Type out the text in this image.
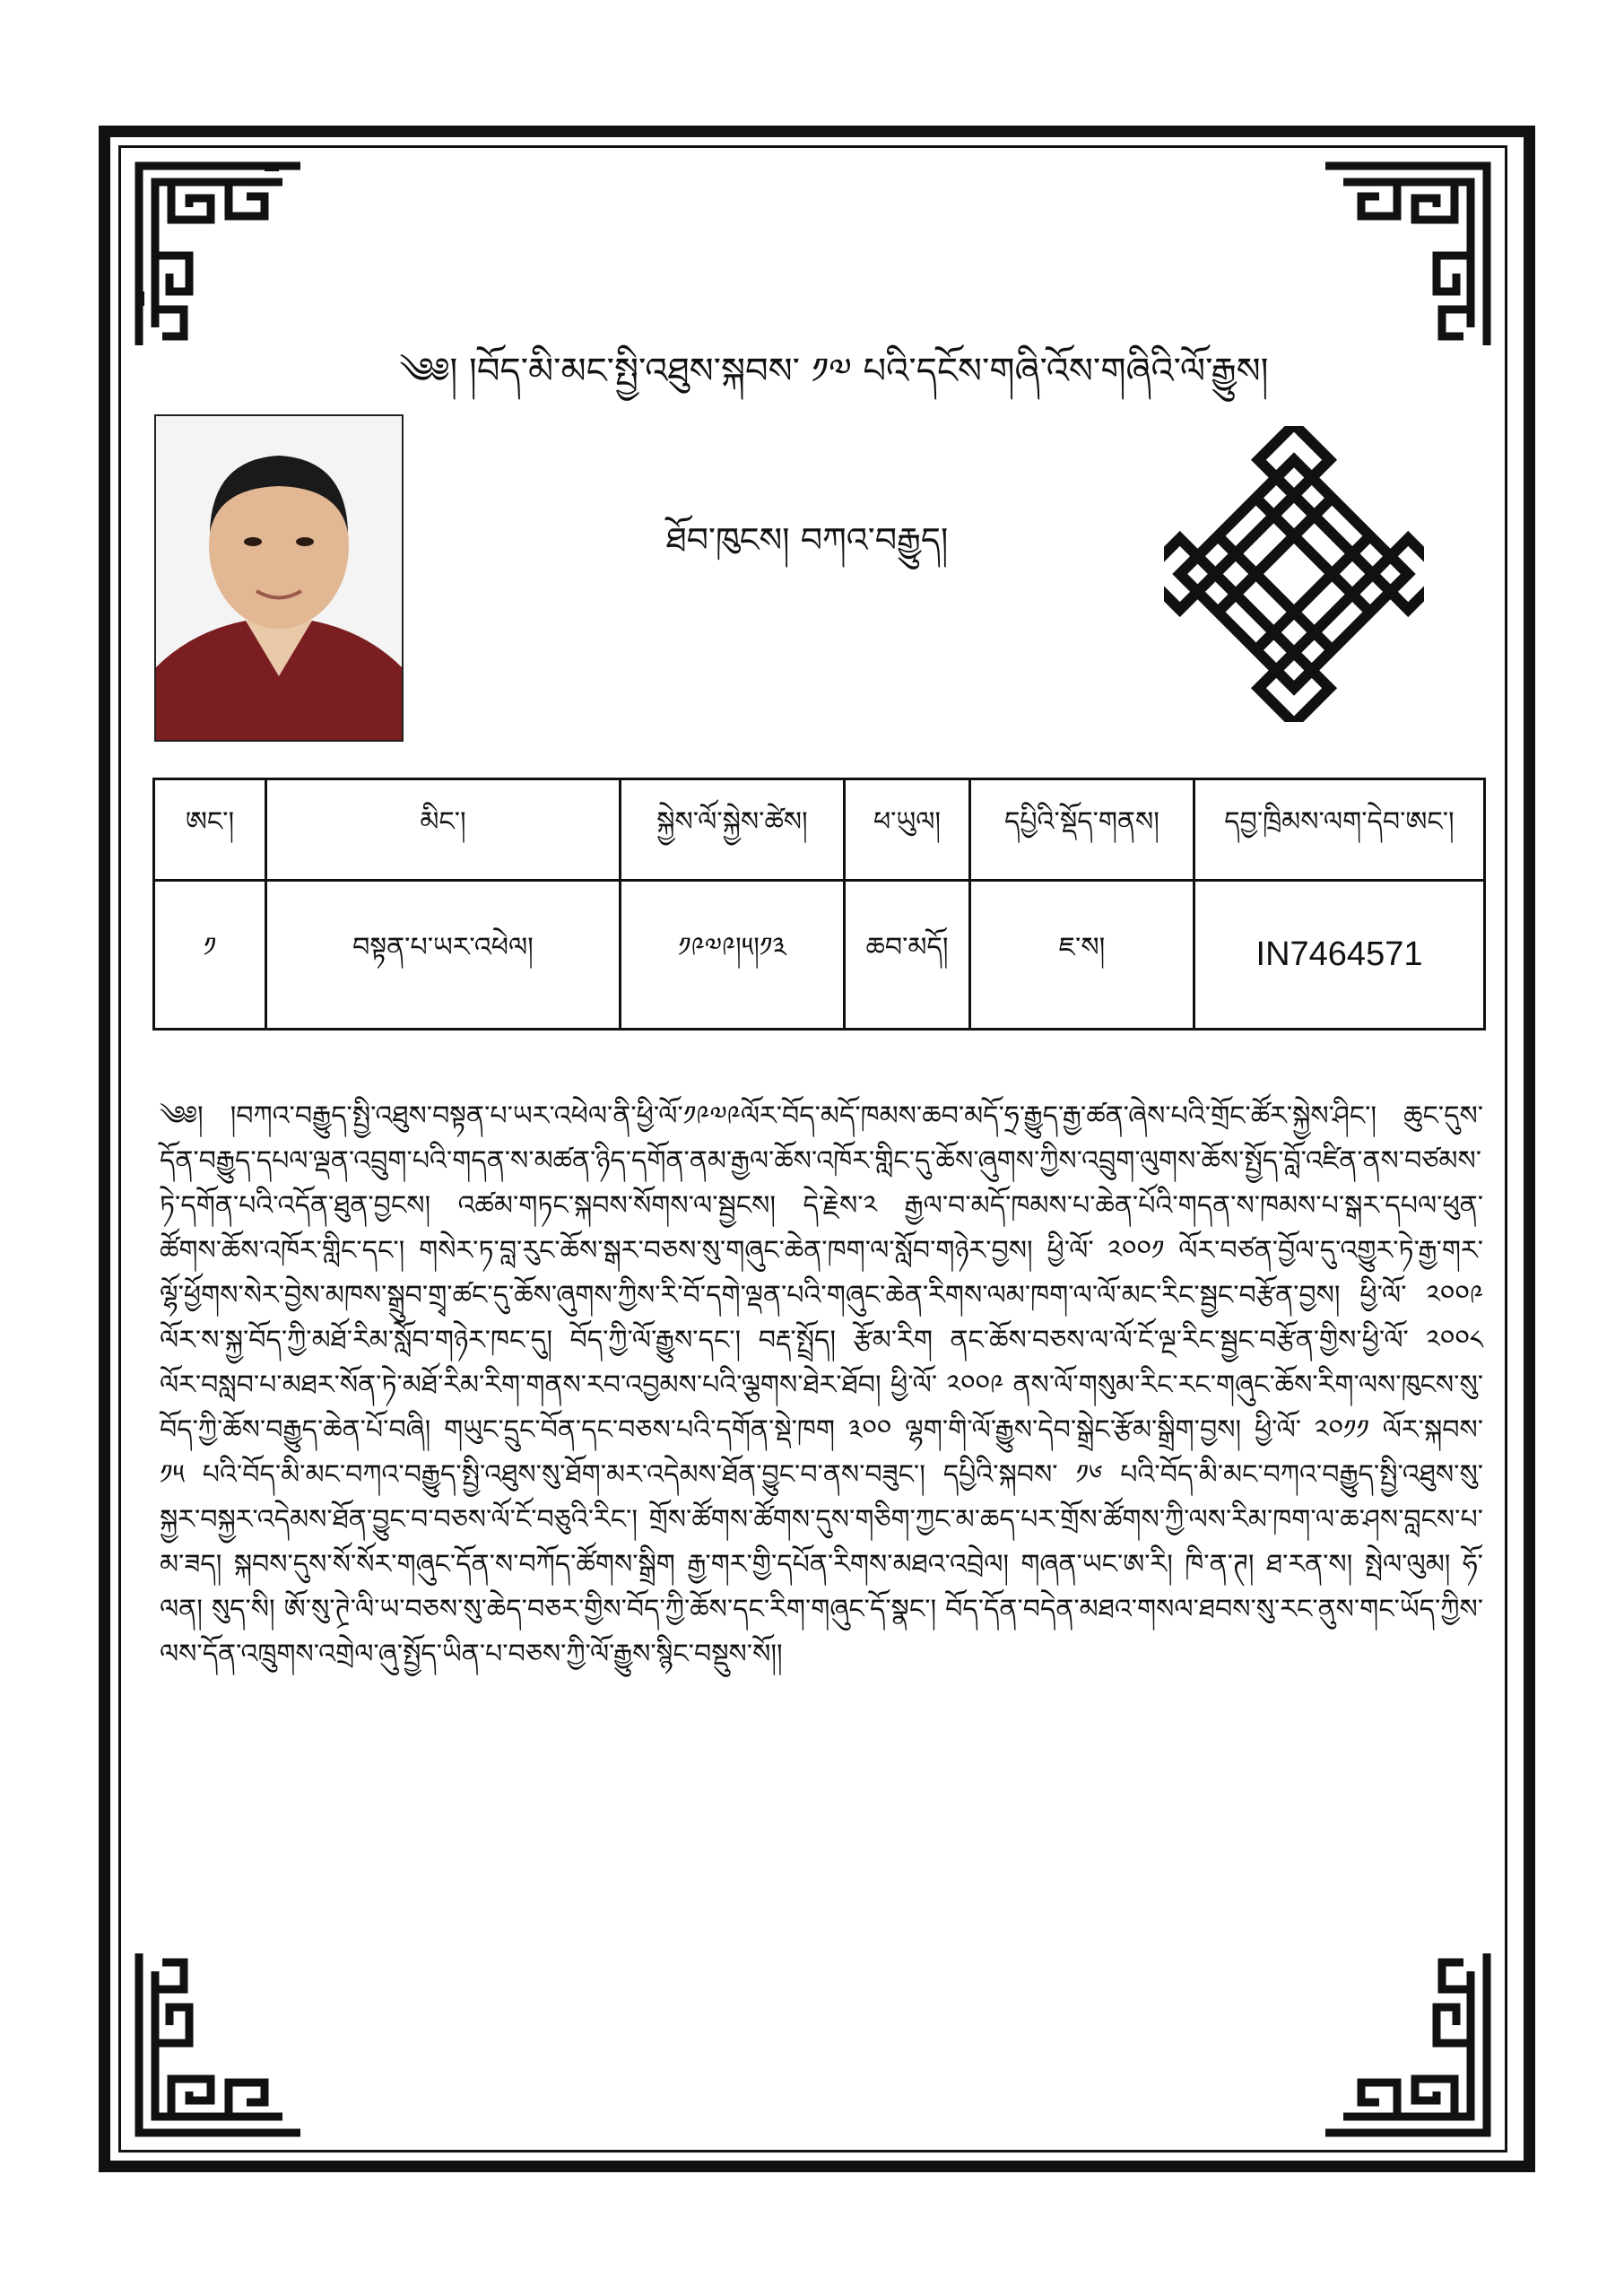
༄༅། །བོད་མི་མང་སྤྱི་འཐུས་སྐབས་ ༡༧ པའི་དངོས་གཞི་འོས་གཞིའི་ལོ་རྒྱུས།
ཐོབ་ཁུངས། བཀའ་བརྒྱུད།
ཨང་།	མིང་།	སྐྱེས་ལོ་སྐྱེས་ཚེས།	ཕ་ཡུལ།	དཔྱིའི་སྡོད་གནས།	དབྱ་ཁྲིམས་ལག་དེབ་ཨང་།
༡	བསྟན་པ་ཡར་འཕེལ།	༡༩༧༩།༥།༡༣	ཆབ་མདོ།	ཇ་ས།	IN7464571
༄༅། །བཀའ་བརྒྱུད་སྤྱི་འཐུས་བསྟན་པ་ཡར་འཕེལ་ནི་ཕྱི་ལོ་༡༩༧༩ལོར་བོད་མདོ་ཁམས་ཆབ་མདོ་ཧྲ་རྒྱུད་རྒྱ་ཚན་ཞེས་པའི་གྲོང་ཚོར་སྐྱེས་ཤིང་། ཆུང་དུས་དོན་བརྒྱུད་དཔལ་ལྡན་འབྲུག་པའི་གདན་ས་མཚན་ཉིད་དགོན་ནམ་རྒྱལ་ཆོས་འཁོར་གླིང་དུ་ཆོས་ཞུགས་ཀྱིས་འབྲུག་ལུགས་ཆོས་སྤྱོད་བློ་འཛིན་ནས་བཙམས་ཏེ་དགོན་པའི་འདོན་ཐུན་བྱངས། འཚམ་གཏང་སྐབས་སོགས་ལ་སྦྱངས། དེ་རྗེས་༢ རྒྱལ་བ་མདོ་ཁམས་པ་ཆེན་པོའི་གདན་ས་ཁམས་པ་སྒར་དཔལ་ཕུན་ཚོགས་ཆོས་འཁོར་གླིང་དང་། གསེར་ཏ་བླ་རུང་ཆོས་སྒར་བཅས་སུ་གཞུང་ཆེན་ཁག་ལ་སློབ་གཉེར་བྱས། ཕྱི་ལོ་ ༢༠༠༡ ལོར་བཙན་བྱོལ་དུ་འགྱུར་ཏེ་རྒྱ་གར་ལྷོ་ཕྱོགས་སེར་བྱེས་མཁས་སྒྲུབ་གྲྭ་ཚང་དུ་ཆོས་ཞུགས་ཀྱིས་རི་བོ་དགེ་ལྡན་པའི་གཞུང་ཆེན་རིགས་ལམ་ཁག་ལ་ལོ་མང་རིང་སྦྱང་བརྩོན་བྱས། ཕྱི་ལོ་ ༢༠༠༩ ལོར་ས་སྐྱ་བོད་ཀྱི་མཐོ་རིམ་སློབ་གཉེར་ཁང་དུ། བོད་ཀྱི་ལོ་རྒྱུས་དང་། བརྡ་སྤྲོད། རྩོམ་རིག ནང་ཆོས་བཅས་ལ་ལོ་ངོ་ལྔ་རིང་སྦྱང་བརྩོན་གྱིས་ཕྱི་ལོ་ ༢༠༠༨ ལོར་བསླབ་པ་མཐར་སོན་ཏེ་མཐོ་རིམ་རིག་གནས་རབ་འབྱམས་པའི་ལྕགས་ཐེར་ཐོབ། ཕྱི་ལོ་ ༢༠༠༩ ནས་ལོ་གསུམ་རིང་རང་གཞུང་ཆོས་རིག་ལས་ཁུངས་སུ་བོད་ཀྱི་ཆོས་བརྒྱུད་ཆེན་པོ་བཞི། གཡུང་དྲུང་བོན་དང་བཅས་པའི་དགོན་སྡེ་ཁག ༣༠༠ ལྷག་གི་ལོ་རྒྱུས་དེབ་སྒྲེང་རྩོམ་སྒྲིག་བྱས། ཕྱི་ལོ་ ༢༠༡༡ ལོར་སྐབས་ ༡༥ པའི་བོད་མི་མང་བཀའ་བརྒྱུད་སྤྱི་འཐུས་སུ་ཐོག་མར་འདེམས་ཐོན་བྱུང་བ་ནས་བཟུང་། དཔྱིའི་སྐབས་ ༡༦ པའི་བོད་མི་མང་བཀའ་བརྒྱུད་སྤྱི་འཐུས་སུ་སྐྱར་བསྐྱར་འདེམས་ཐོན་བྱུང་བ་བཅས་ལོ་ངོ་བཅུའི་རིང་། གྲོས་ཚོགས་ཚོགས་དུས་གཅིག་ཀྱང་མ་ཆད་པར་གྲོས་ཚོགས་ཀྱི་ལས་རིམ་ཁག་ལ་ཆ་ཤས་བླངས་པ་མ་ཟད། སྐབས་དུས་སོ་སོར་གཞུང་དོན་ས་བཀོད་ཚོགས་སྒྲིག རྒྱ་གར་གྱི་དཔོན་རིགས་མཐའ་འབྲེལ། གཞན་ཡང་ཨ་རི། ཁི་ན་ཊ། ཐ་རན་ས། སྤེལ་ལུམ། ཧོ་ལན། སུད་སི། ཨོ་སུ་ཊྲེ་ལི་ཡ་བཅས་སུ་ཆེད་བཅར་གྱིས་བོད་ཀྱི་ཆོས་དང་རིག་གཞུང་དོ་སྣང་། བོད་དོན་བདེན་མཐའ་གསལ་ཐབས་སུ་རང་ནུས་གང་ཡོད་ཀྱིས་ལས་དོན་འཁྲུགས་འགྲེལ་ཞུ་སྤྱོད་ཡིན་པ་བཅས་ཀྱི་ལོ་རྒྱུས་སྙིང་བསྡུས་སོ།།
